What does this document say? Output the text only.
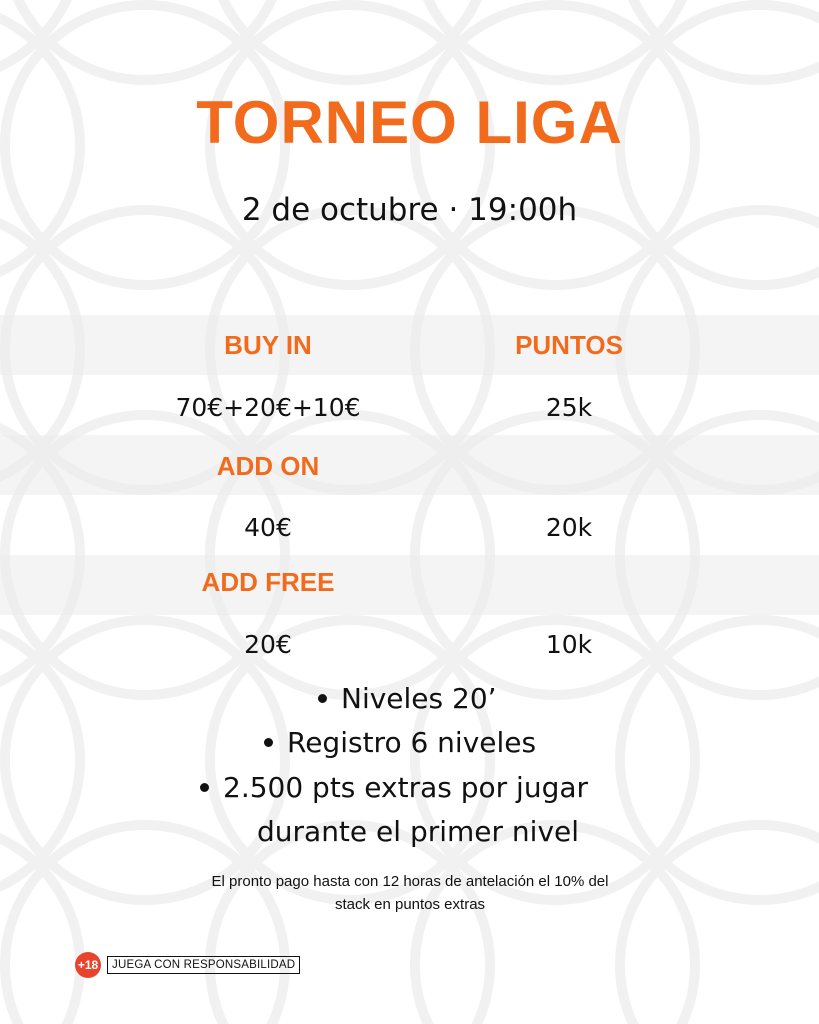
TORNEO LIGA
2 de octubre · 19:00h
BUY IN	PUNTOS
70€+20€+10€	25k
ADD ON
40€	20k
ADD FREE
20€	10k
Niveles 20’
Registro 6 niveles
2.500 pts extras por jugar
durante el primer nivel
El pronto pago hasta con 12 horas de antelación el 10% del
stack en puntos extras
+18	JUEGA CON RESPONSABILIDAD
